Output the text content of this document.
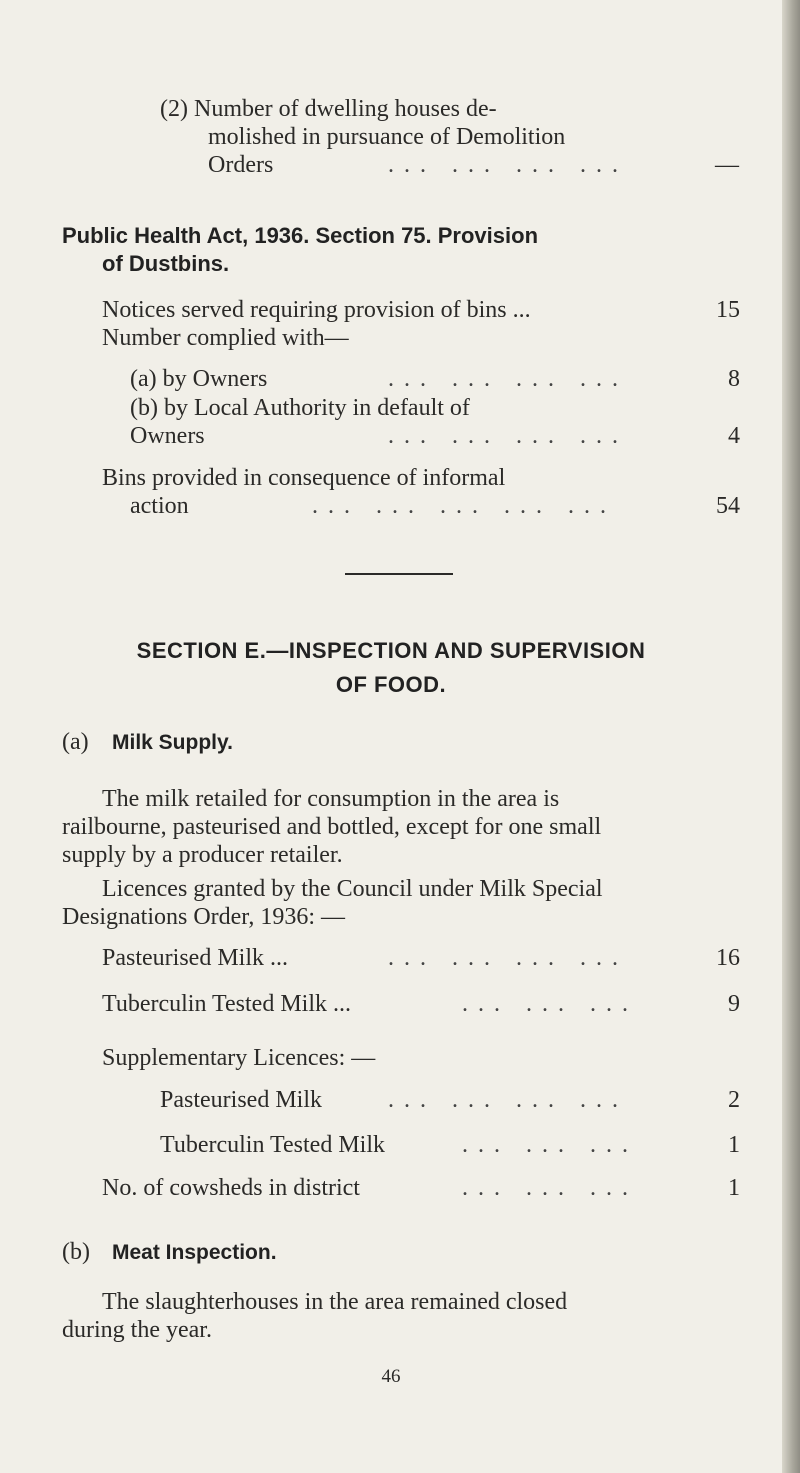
(2) Number of dwelling houses de-
molished in pursuance of Demolition
Orders	... ... ... ...	—
Public Health Act, 1936. Section 75. Provision
of Dustbins.
Notices served requiring provision of bins ...	15
Number complied with—
(a) by Owners	... ... ... ...	8
(b) by Local Authority in default of
Owners	... ... ... ...	4
Bins provided in consequence of informal
action	... ... ... ... ...	54
SECTION E.—INSPECTION AND SUPERVISION
OF FOOD.
(a) Milk Supply.
The milk retailed for consumption in the area is
railbourne, pasteurised and bottled, except for one small
supply by a producer retailer.
Licences granted by the Council under Milk Special
Designations Order, 1936: —
Pasteurised Milk ...	... ... ... ...	16
Tuberculin Tested Milk ...	... ... ...	9
Supplementary Licences: —
Pasteurised Milk	... ... ... ...	2
Tuberculin Tested Milk	... ... ...	1
No. of cowsheds in district	... ... ...	1
(b) Meat Inspection.
The slaughterhouses in the area remained closed
during the year.
46
